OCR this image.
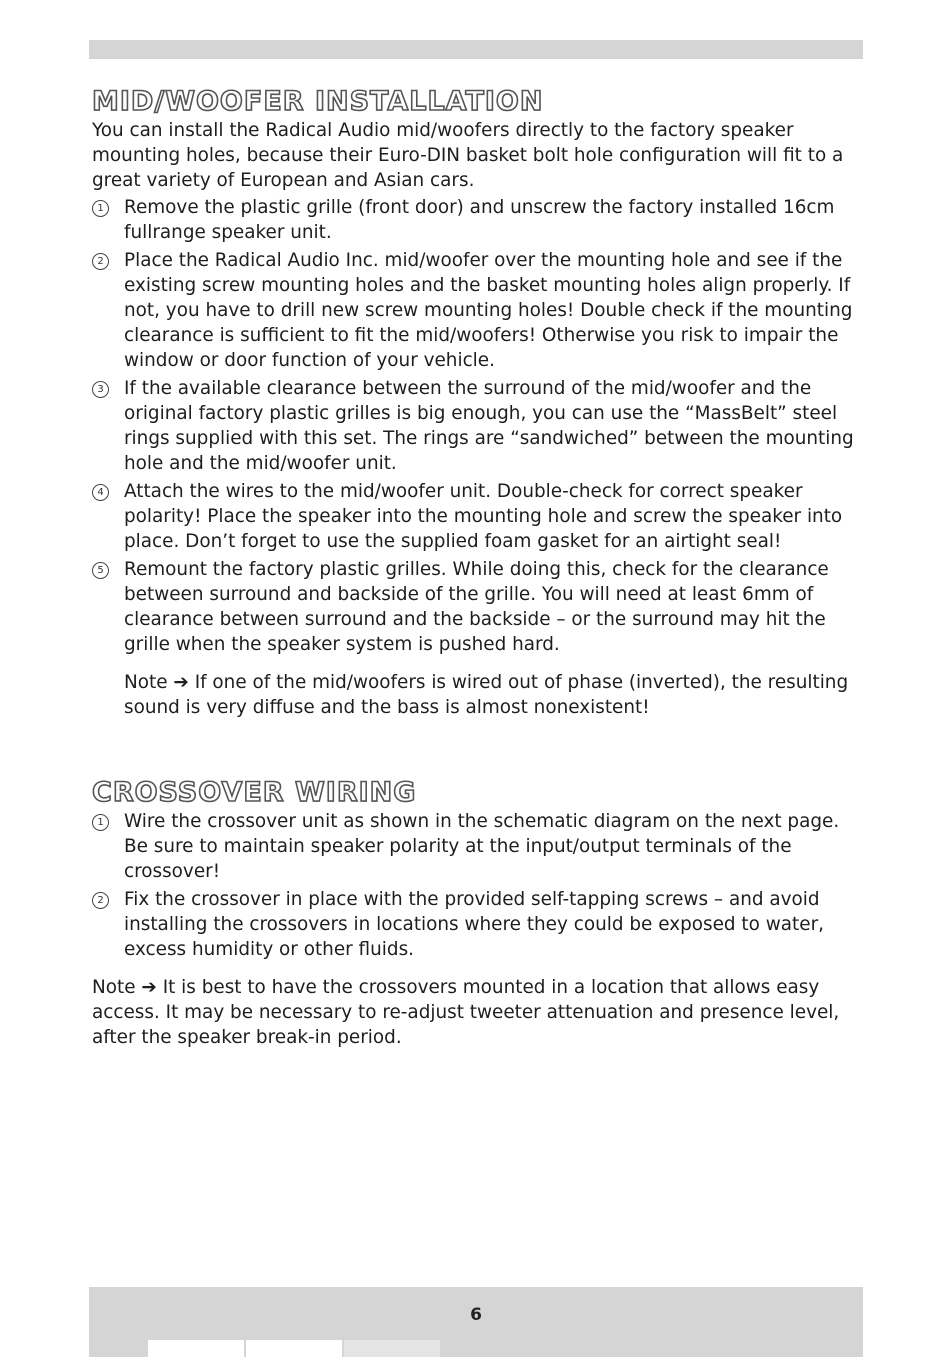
MID/WOOFER INSTALLATION

You can install the Radical Audio mid/woofers directly to the factory speaker mounting holes, because their Euro-DIN basket bolt hole configuration will fit to a great variety of European and Asian cars.

1 Remove the plastic grille (front door) and unscrew the factory installed 16cm fullrange speaker unit.
2 Place the Radical Audio Inc. mid/woofer over the mounting hole and see if the existing screw mounting holes and the basket mounting holes align properly. If not, you have to drill new screw mounting holes! Double check if the mounting clearance is sufficient to fit the mid/woofers! Otherwise you risk to impair the window or door function of your vehicle.
3 If the available clearance between the surround of the mid/woofer and the original factory plastic grilles is big enough, you can use the “MassBelt” steel rings supplied with this set. The rings are “sandwiched” between the mounting hole and the mid/woofer unit.
4 Attach the wires to the mid/woofer unit. Double-check for correct speaker polarity! Place the speaker into the mounting hole and screw the speaker into place. Don’t forget to use the supplied foam gasket for an airtight seal!
5 Remount the factory plastic grilles. While doing this, check for the clearance between surround and backside of the grille. You will need at least 6mm of clearance between surround and the backside – or the surround may hit the grille when the speaker system is pushed hard.

Note ➔ If one of the mid/woofers is wired out of phase (inverted), the resulting sound is very diffuse and the bass is almost nonexistent!

CROSSOVER WIRING
1 Wire the crossover unit as shown in the schematic diagram on the next page. Be sure to maintain speaker polarity at the input/output terminals of the crossover!
2 Fix the crossover in place with the provided self-tapping screws – and avoid installing the crossovers in locations where they could be exposed to water, excess humidity or other fluids.

Note ➔ It is best to have the crossovers mounted in a location that allows easy access. It may be necessary to re-adjust tweeter attenuation and presence level, after the speaker break-in period.

6
